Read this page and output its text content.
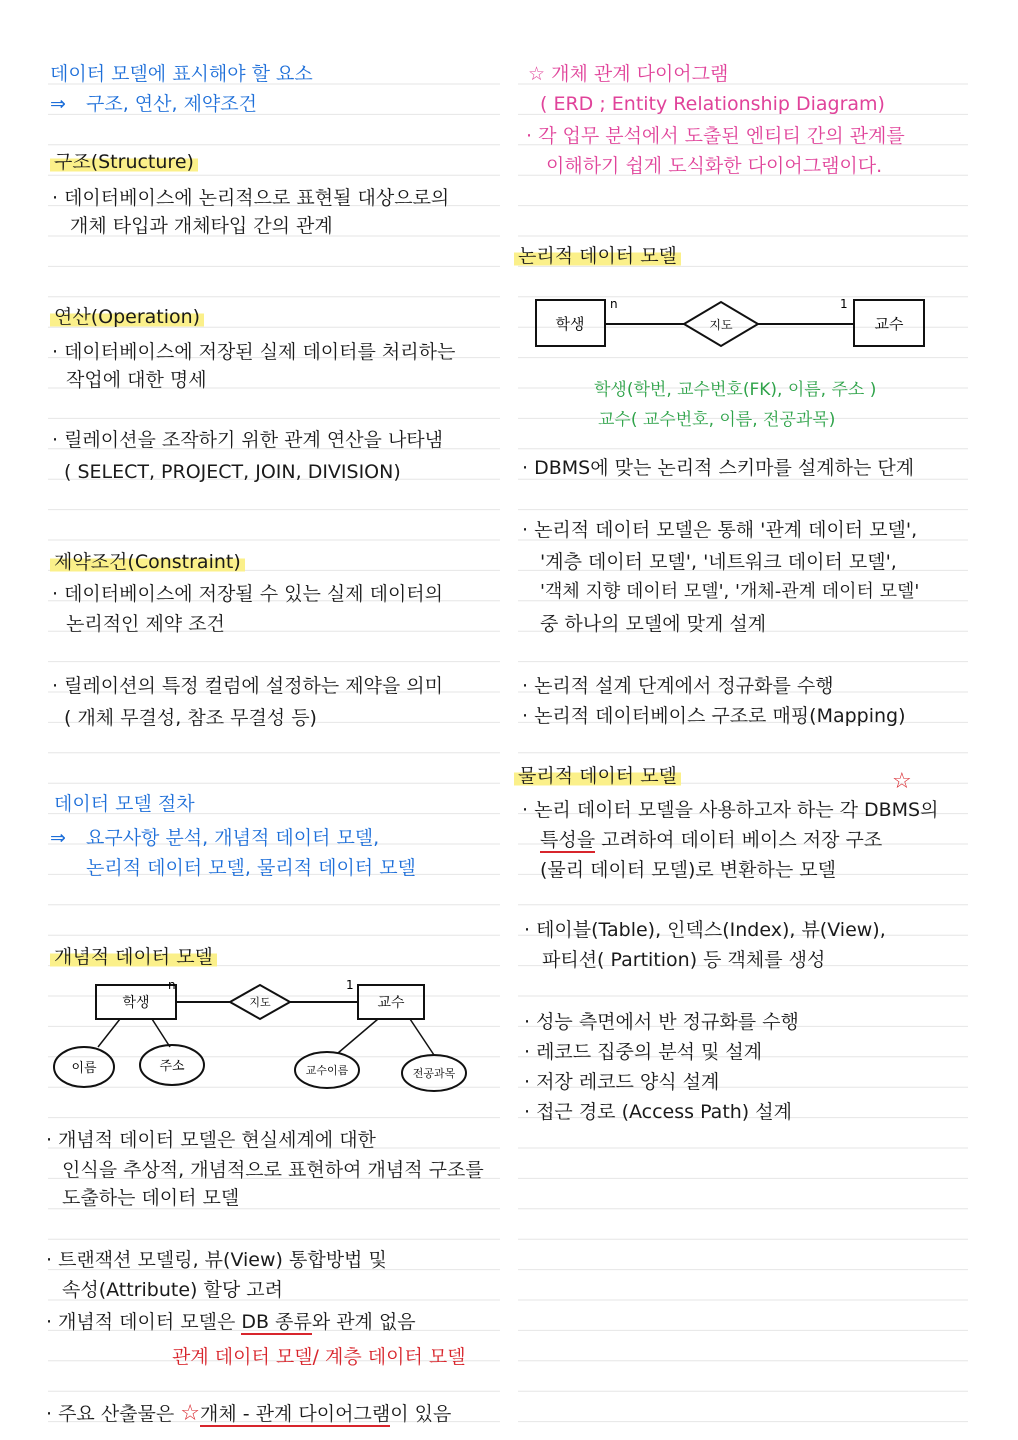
데이터 모델에 표시해야 할 요소
⇒ 구조, 연산, 제약조건
구조(Structure)
· 데이터베이스에 논리적으로 표현될 대상으로의
개체 타입과 개체타입 간의 관계
연산(Operation)
· 데이터베이스에 저장된 실제 데이터를 처리하는
작업에 대한 명세
· 릴레이션을 조작하기 위한 관계 연산을 나타냄
( SELECT, PROJECT, JOIN, DIVISION)
제약조건(Constraint)
· 데이터베이스에 저장될 수 있는 실제 데이터의
논리적인 제약 조건
· 릴레이션의 특정 컬럼에 설정하는 제약을 의미
( 개체 무결성, 참조 무결성 등)
데이터 모델 절차
⇒ 요구사항 분석, 개념적 데이터 모델,
논리적 데이터 모델, 물리적 데이터 모델
개념적 데이터 모델
학생	지도	교수
n	1
이름	주소	교수이름	전공과목
· 개념적 데이터 모델은 현실세계에 대한
인식을 추상적, 개념적으로 표현하여 개념적 구조를
도출하는 데이터 모델
· 트랜잭션 모델링, 뷰(View) 통합방법 및
속성(Attribute) 할당 고려
· 개념적 데이터 모델은 DB 종류와 관계 없음
관계 데이터 모델/ 계층 데이터 모델
· 주요 산출물은 ☆개체 - 관계 다이어그램이 있음
☆ 개체 관계 다이어그램
( ERD ; Entity Relationship Diagram)
· 각 업무 분석에서 도출된 엔티티 간의 관계를
이해하기 쉽게 도식화한 다이어그램이다.
논리적 데이터 모델
학생	지도	교수
n	1
학생(학번, 교수번호(FK), 이름, 주소 )
교수( 교수번호, 이름, 전공과목)
· DBMS에 맞는 논리적 스키마를 설계하는 단계
· 논리적 데이터 모델은 통해 '관계 데이터 모델',
'계층 데이터 모델', '네트워크 데이터 모델',
'객체 지향 데이터 모델', '개체-관계 데이터 모델'
중 하나의 모델에 맞게 설계
· 논리적 설계 단계에서 정규화를 수행
· 논리적 데이터베이스 구조로 매핑(Mapping)
물리적 데이터 모델	☆
· 논리 데이터 모델을 사용하고자 하는 각 DBMS의
특성을 고려하여 데이터 베이스 저장 구조
(물리 데이터 모델)로 변환하는 모델
· 테이블(Table), 인덱스(Index), 뷰(View),
파티션( Partition) 등 객체를 생성
· 성능 측면에서 반 정규화를 수행
· 레코드 집중의 분석 및 설계
· 저장 레코드 양식 설계
· 접근 경로 (Access Path) 설계
